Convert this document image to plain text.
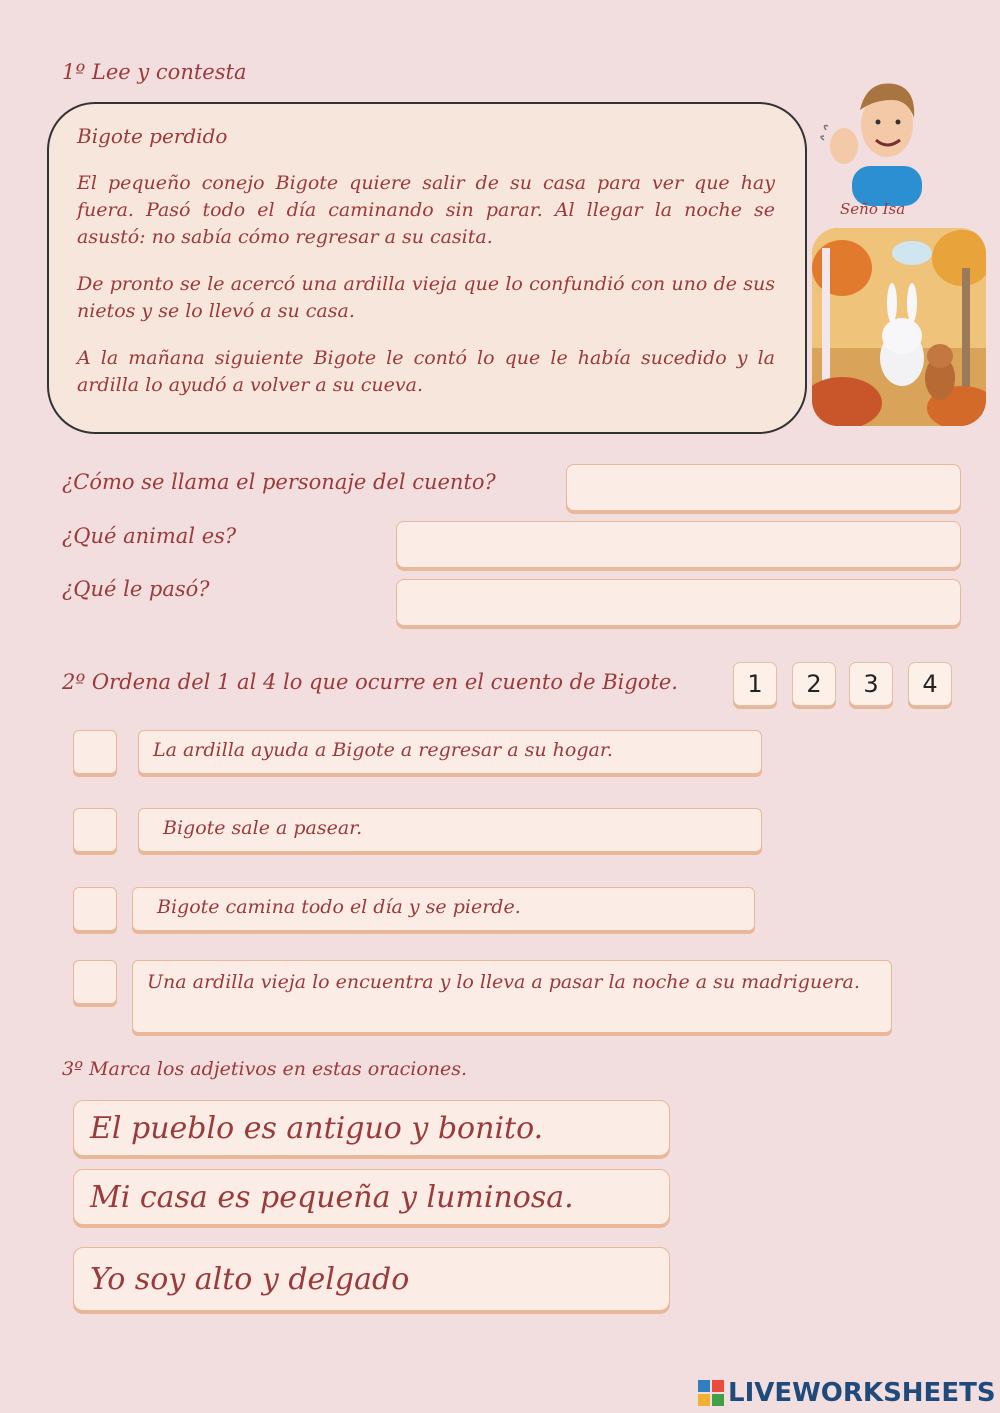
1º Lee y contesta
Bigote perdido

El pequeño conejo Bigote quiere salir de su casa para ver que hay fuera. Pasó todo el día caminando sin parar. Al llegar la noche se asustó: no sabía cómo regresar a su casita.

De pronto se le acercó una ardilla vieja que lo confundió con uno de sus nietos y se lo llevó a su casa.

A la mañana siguiente Bigote le contó lo que le había sucedido y la ardilla lo ayudó a volver a su cueva.

Seño Isa
¿Cómo se llama el personaje del cuento?
¿Qué animal es?
¿Qué le pasó?
2º Ordena del 1 al 4 lo que ocurre en el cuento de Bigote.	1	2	3	4
La ardilla ayuda a Bigote a regresar a su hogar.
Bigote sale a pasear.
Bigote camina todo el día y se pierde.
Una ardilla vieja lo encuentra y lo lleva a pasar la noche a su madriguera.
3º Marca los adjetivos en estas oraciones.
El pueblo es antiguo y bonito.
Mi casa es pequeña y luminosa.
Yo soy alto y delgado
LIVEWORKSHEETS
